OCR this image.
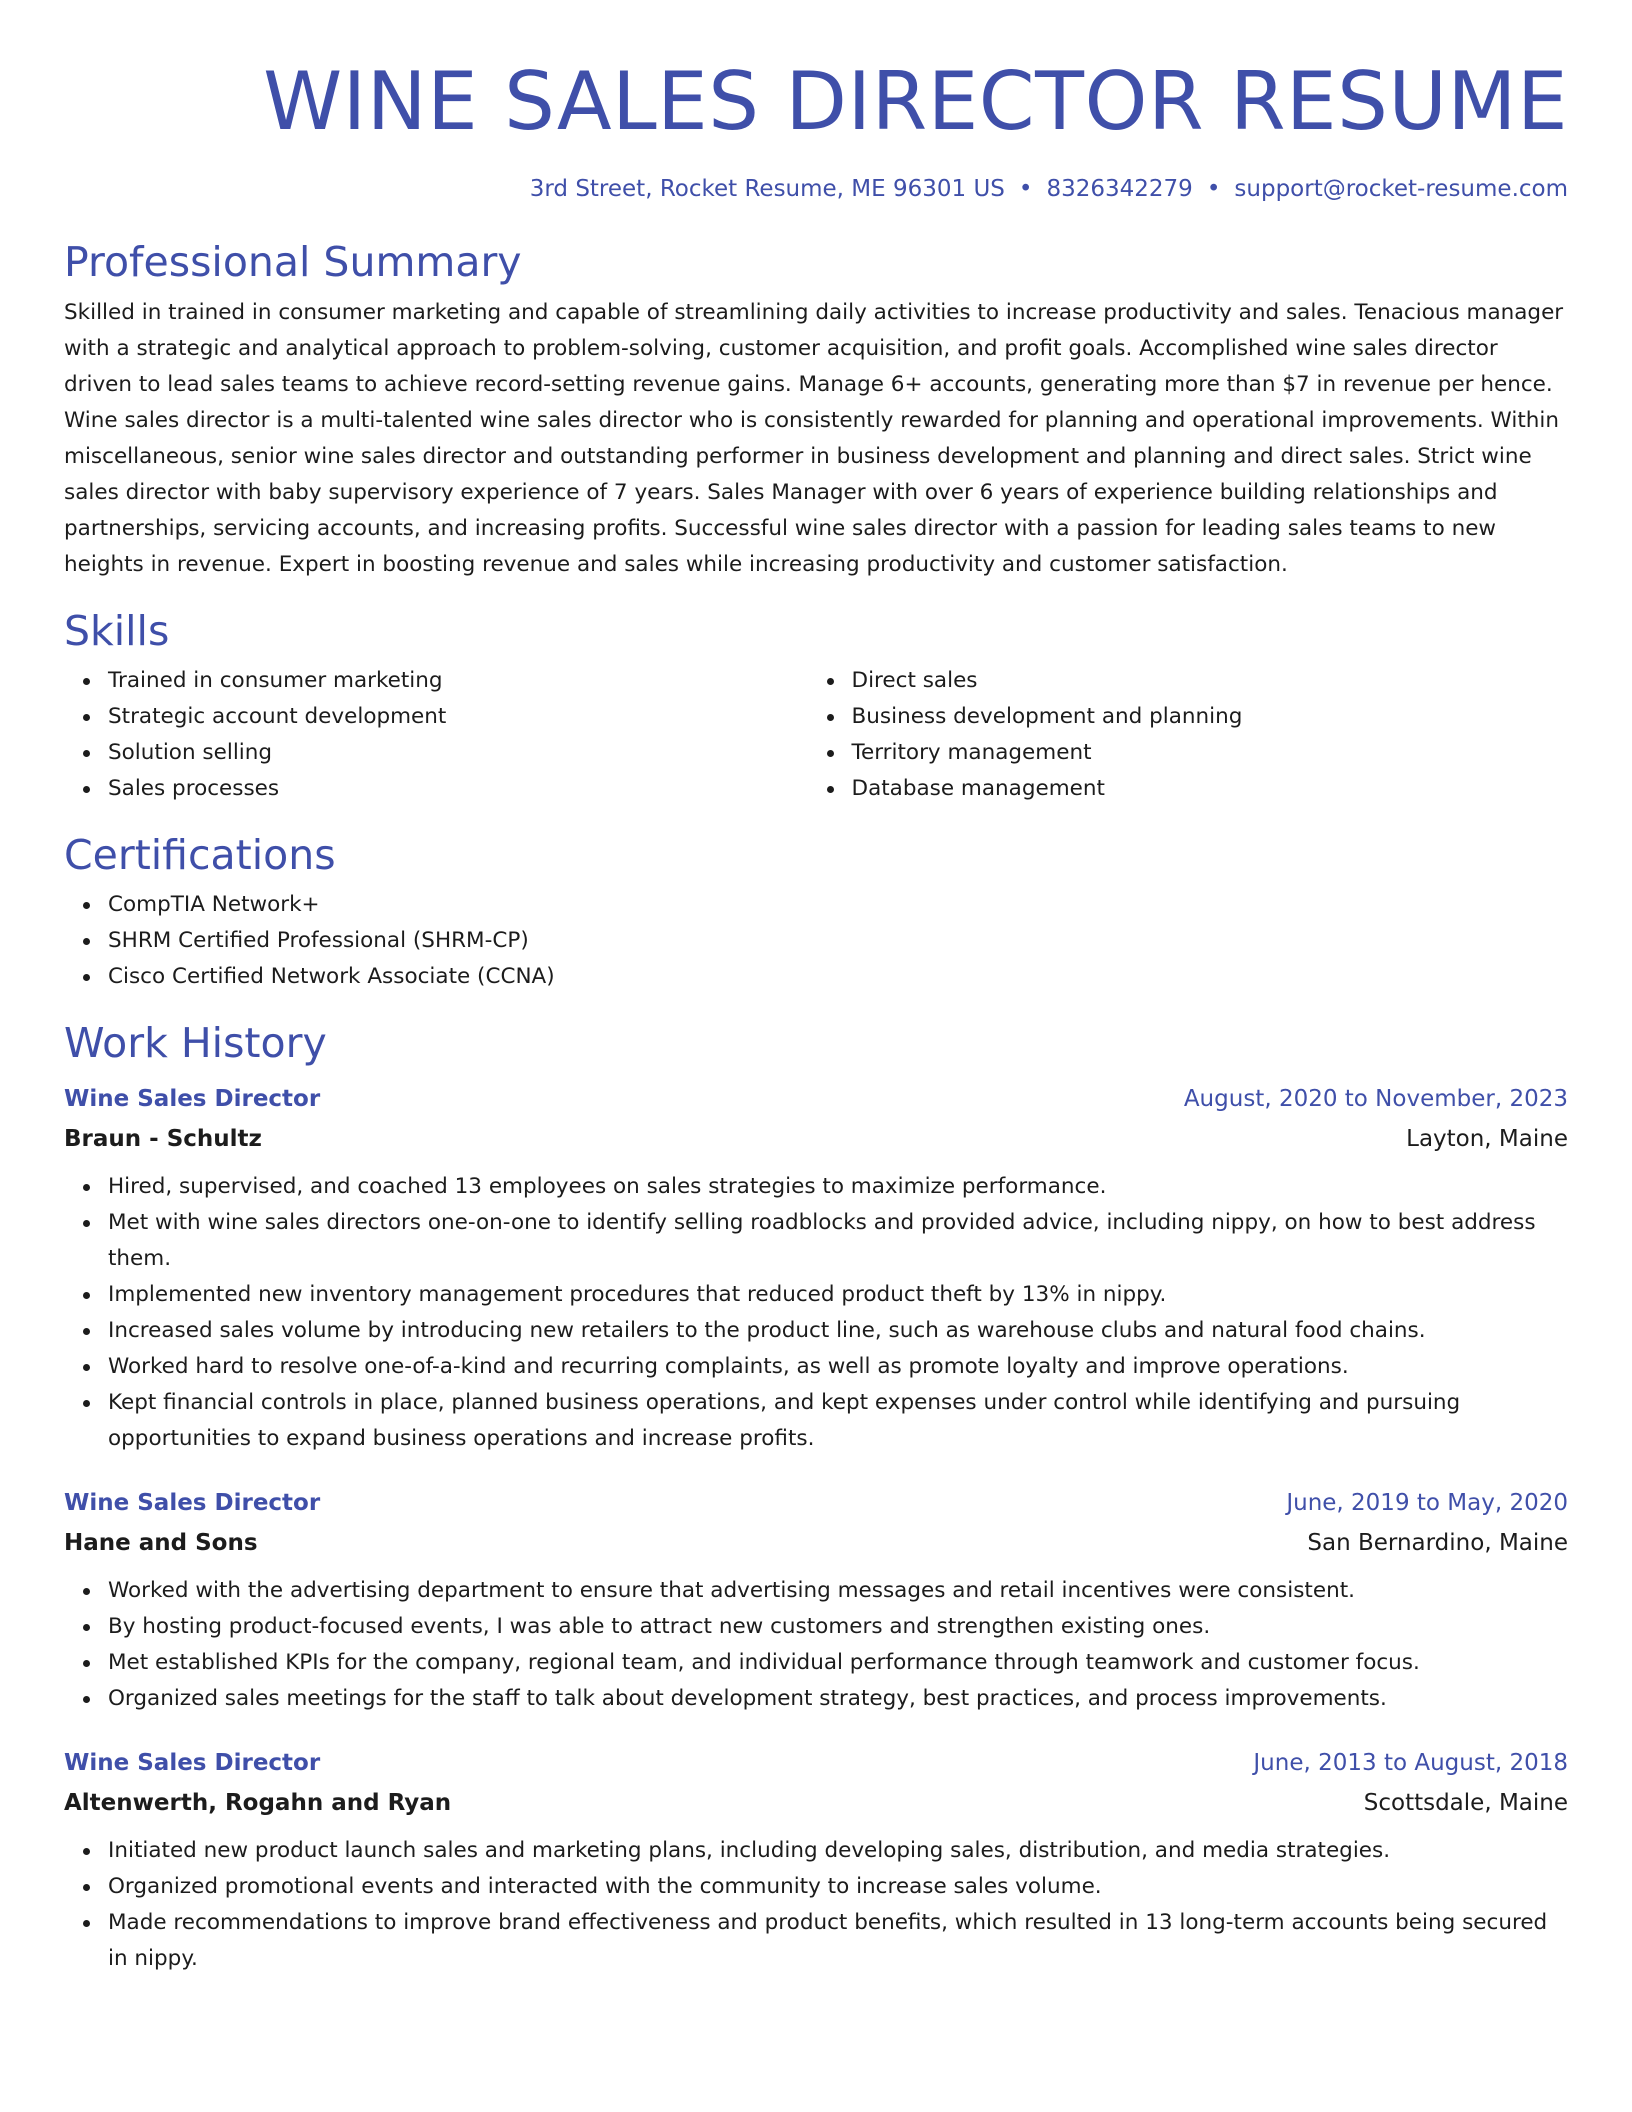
WINE SALES DIRECTOR RESUME
3rd Street, Rocket Resume, ME 96301 US • 8326342279 • support@rocket-resume.com
Professional Summary

Skilled in trained in consumer marketing and capable of streamlining daily activities to increase productivity and sales. Tenacious manager with a strategic and analytical approach to problem-solving, customer acquisition, and profit goals. Accomplished wine sales director driven to lead sales teams to achieve record-setting revenue gains. Manage 6+ accounts, generating more than $7 in revenue per hence. Wine sales director is a multi-talented wine sales director who is consistently rewarded for planning and operational improvements. Within miscellaneous, senior wine sales director and outstanding performer in business development and planning and direct sales. Strict wine sales director with baby supervisory experience of 7 years. Sales Manager with over 6 years of experience building relationships and partnerships, servicing accounts, and increasing profits. Successful wine sales director with a passion for leading sales teams to new heights in revenue. Expert in boosting revenue and sales while increasing productivity and customer satisfaction.

Skills
Trained in consumer marketing
Strategic account development
Solution selling
Sales processes
Direct sales
Business development and planning
Territory management
Database management
Certifications
CompTIA Network+
SHRM Certified Professional (SHRM-CP)
Cisco Certified Network Associate (CCNA)
Work History
Wine Sales Director	August, 2020 to November, 2023
Braun - Schultz	Layton, Maine
Hired, supervised, and coached 13 employees on sales strategies to maximize performance.
Met with wine sales directors one-on-one to identify selling roadblocks and provided advice, including nippy, on how to best address them.
Implemented new inventory management procedures that reduced product theft by 13% in nippy.
Increased sales volume by introducing new retailers to the product line, such as warehouse clubs and natural food chains.
Worked hard to resolve one-of-a-kind and recurring complaints, as well as promote loyalty and improve operations.
Kept financial controls in place, planned business operations, and kept expenses under control while identifying and pursuing opportunities to expand business operations and increase profits.
Wine Sales Director	June, 2019 to May, 2020
Hane and Sons	San Bernardino, Maine
Worked with the advertising department to ensure that advertising messages and retail incentives were consistent.
By hosting product-focused events, I was able to attract new customers and strengthen existing ones.
Met established KPIs for the company, regional team, and individual performance through teamwork and customer focus.
Organized sales meetings for the staff to talk about development strategy, best practices, and process improvements.
Wine Sales Director	June, 2013 to August, 2018
Altenwerth, Rogahn and Ryan	Scottsdale, Maine
Initiated new product launch sales and marketing plans, including developing sales, distribution, and media strategies.
Organized promotional events and interacted with the community to increase sales volume.
Made recommendations to improve brand effectiveness and product benefits, which resulted in 13 long-term accounts being secured in nippy.
